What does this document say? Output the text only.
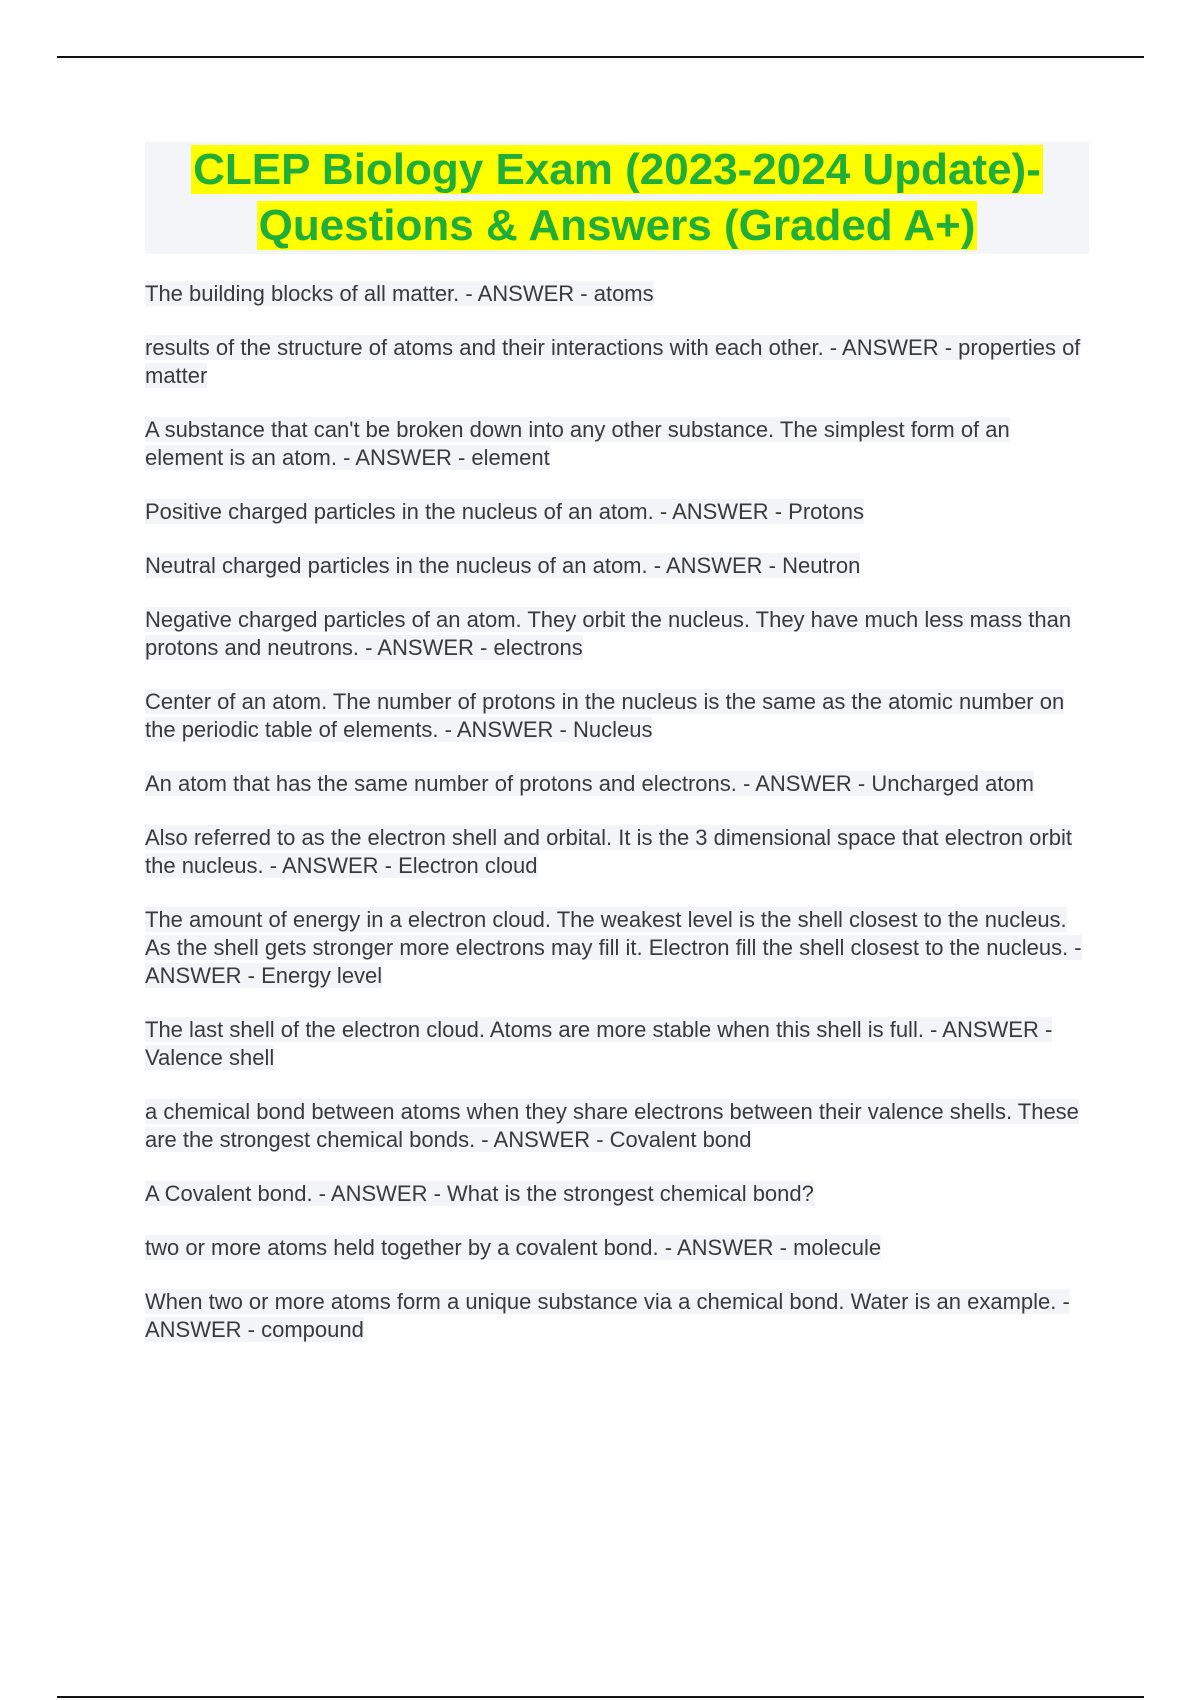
CLEP Biology Exam (2023-2024 Update)-

Questions & Answers (Graded A+)

The building blocks of all matter. - ANSWER - atoms

results of the structure of atoms and their interactions with each other. - ANSWER - properties of matter

A substance that can't be broken down into any other substance. The simplest form of an element is an atom. - ANSWER - element

Positive charged particles in the nucleus of an atom. - ANSWER - Protons

Neutral charged particles in the nucleus of an atom. - ANSWER - Neutron

Negative charged particles of an atom. They orbit the nucleus. They have much less mass than protons and neutrons. - ANSWER - electrons

Center of an atom. The number of protons in the nucleus is the same as the atomic number on the periodic table of elements. - ANSWER - Nucleus

An atom that has the same number of protons and electrons. - ANSWER - Uncharged atom

Also referred to as the electron shell and orbital. It is the 3 dimensional space that electron orbit the nucleus. - ANSWER - Electron cloud

The amount of energy in a electron cloud. The weakest level is the shell closest to the nucleus. As the shell gets stronger more electrons may fill it. Electron fill the shell closest to the nucleus. - ANSWER - Energy level

The last shell of the electron cloud. Atoms are more stable when this shell is full. - ANSWER - Valence shell

a chemical bond between atoms when they share electrons between their valence shells. These are the strongest chemical bonds. - ANSWER - Covalent bond

A Covalent bond. - ANSWER - What is the strongest chemical bond?

two or more atoms held together by a covalent bond. - ANSWER - molecule

When two or more atoms form a unique substance via a chemical bond. Water is an example. - ANSWER - compound
